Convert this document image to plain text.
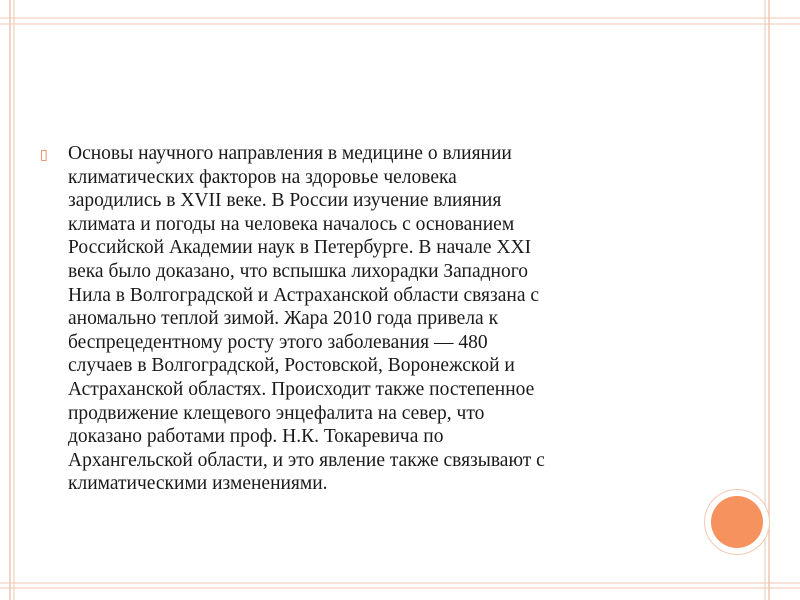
▯	Основы научного направления в медицине о влиянии
климатических факторов на здоровье человека
зародились в XVII веке. В России изучение влияния
климата и погоды на человека началось с основанием
Российской Академии наук в Петербурге. В начале XXI
века было доказано, что вспышка лихорадки Западного
Нила в Волгоградской и Астраханской области связана с
аномально теплой зимой. Жара 2010 года привела к
беспрецедентному росту этого заболевания — 480
случаев в Волгоградской, Ростовской, Воронежской и
Астраханской областях. Происходит также постепенное
продвижение клещевого энцефалита на север, что
доказано работами проф. Н.К. Токаревича по
Архангельской области, и это явление также связывают с
климатическими изменениями.
